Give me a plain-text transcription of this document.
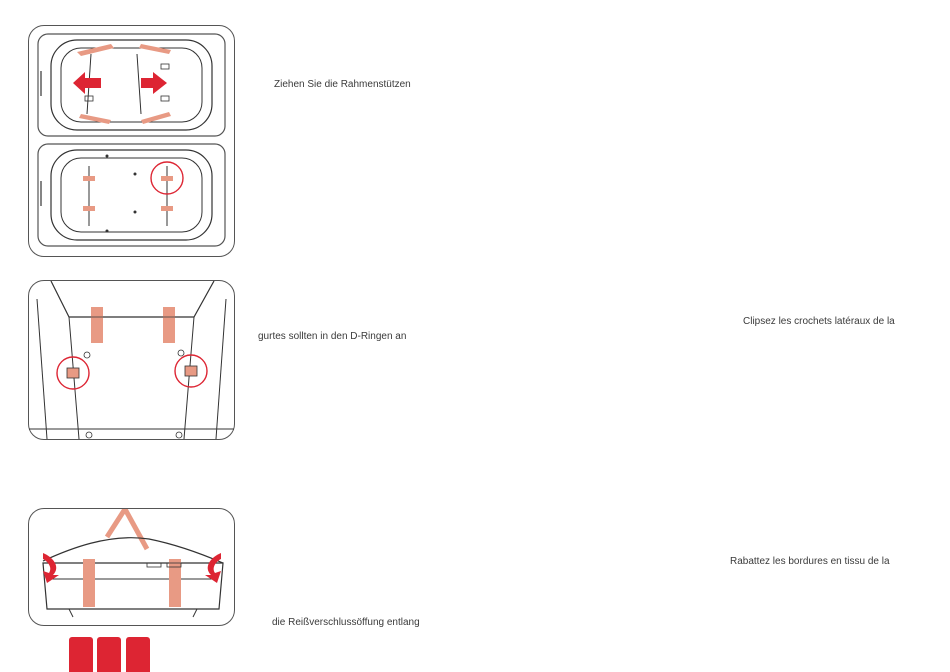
Ziehen Sie die Rahmenstützen
gurtes sollten in den D-Ringen an
Clipsez les crochets latéraux de la
Rabattez les bordures en tissu de la
die Reißverschlussöffung entlang
